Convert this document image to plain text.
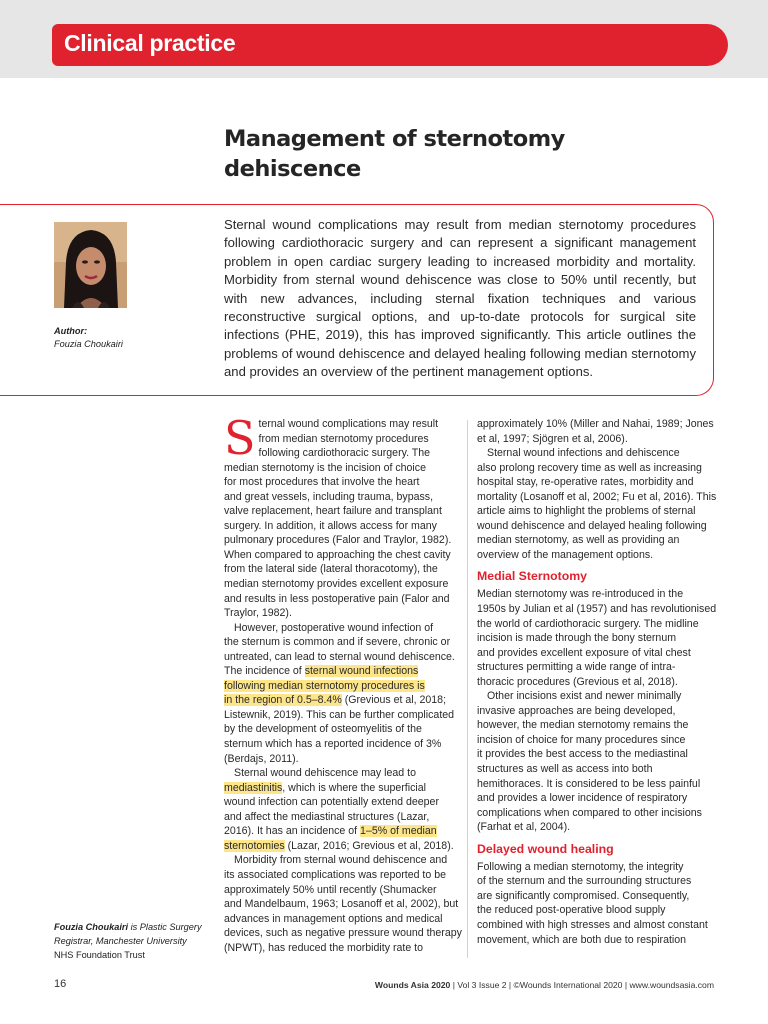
Clinical practice
Management of sternotomy dehiscence

Sternal wound complications may result from median sternotomy procedures following cardiothoracic surgery and can represent a significant management problem in open cardiac surgery leading to increased morbidity and mortality. Morbidity from sternal wound dehiscence was close to 50% until recently, but with new advances, including sternal fixation techniques and various reconstructive surgical options, and up-to-date protocols for surgical site infections (PHE, 2019), this has improved significantly. This article outlines the problems of wound dehiscence and delayed healing following median sternotomy and provides an overview of the pertinent management options.

Author:
Fouzia Choukairi

S ternal wound complications may result
from median sternotomy procedures
following cardiothoracic surgery. The
median sternotomy is the incision of choice
for most procedures that involve the heart
and great vessels, including trauma, bypass,
valve replacement, heart failure and transplant
surgery. In addition, it allows access for many
pulmonary procedures (Falor and Traylor, 1982).
When compared to approaching the chest cavity
from the lateral side (lateral thoracotomy), the
median sternotomy provides excellent exposure
and results in less postoperative pain (Falor and
Traylor, 1982).

However, postoperative wound infection of
the sternum is common and if severe, chronic or
untreated, can lead to sternal wound dehiscence.
The incidence of sternal wound infections
following median sternotomy procedures is
in the region of 0.5–8.4% (Grevious et al, 2018;
Listewnik, 2019). This can be further complicated
by the development of osteomyelitis of the
sternum which has a reported incidence of 3%
(Berdajs, 2011).

Sternal wound dehiscence may lead to
mediastinitis, which is where the superficial
wound infection can potentially extend deeper
and affect the mediastinal structures (Lazar,
2016). It has an incidence of 1–5% of median
sternotomies (Lazar, 2016; Grevious et al, 2018).

Morbidity from sternal wound dehiscence and
its associated complications was reported to be
approximately 50% until recently (Shumacker
and Mandelbaum, 1963; Losanoff et al, 2002), but
advances in management options and medical
devices, such as negative pressure wound therapy
(NPWT), has reduced the morbidity rate to

approximately 10% (Miller and Nahai, 1989; Jones
et al, 1997; Sjögren et al, 2006).

Sternal wound infections and dehiscence
also prolong recovery time as well as increasing
hospital stay, re-operative rates, morbidity and
mortality (Losanoff et al, 2002; Fu et al, 2016). This
article aims to highlight the problems of sternal
wound dehiscence and delayed healing following
median sternotomy, as well as providing an
overview of the management options.

Medial Sternotomy

Median sternotomy was re-introduced in the
1950s by Julian et al (1957) and has revolutionised
the world of cardiothoracic surgery. The midline
incision is made through the bony sternum
and provides excellent exposure of vital chest
structures permitting a wide range of intra-
thoracic procedures (Grevious et al, 2018).

Other incisions exist and newer minimally
invasive approaches are being developed,
however, the median sternotomy remains the
incision of choice for many procedures since
it provides the best access to the mediastinal
structures as well as access into both
hemithoraces. It is considered to be less painful
and provides a lower incidence of respiratory
complications when compared to other incisions
(Farhat et al, 2004).

Delayed wound healing

Following a median sternotomy, the integrity
of the sternum and the surrounding structures
are significantly compromised. Consequently,
the reduced post-operative blood supply
combined with high stresses and almost constant
movement, which are both due to respiration

Fouzia Choukairi is Plastic Surgery Registrar, Manchester University
NHS Foundation Trust
16	Wounds Asia 2020 | Vol 3 Issue 2 | ©Wounds International 2020 | www.woundsasia.com
